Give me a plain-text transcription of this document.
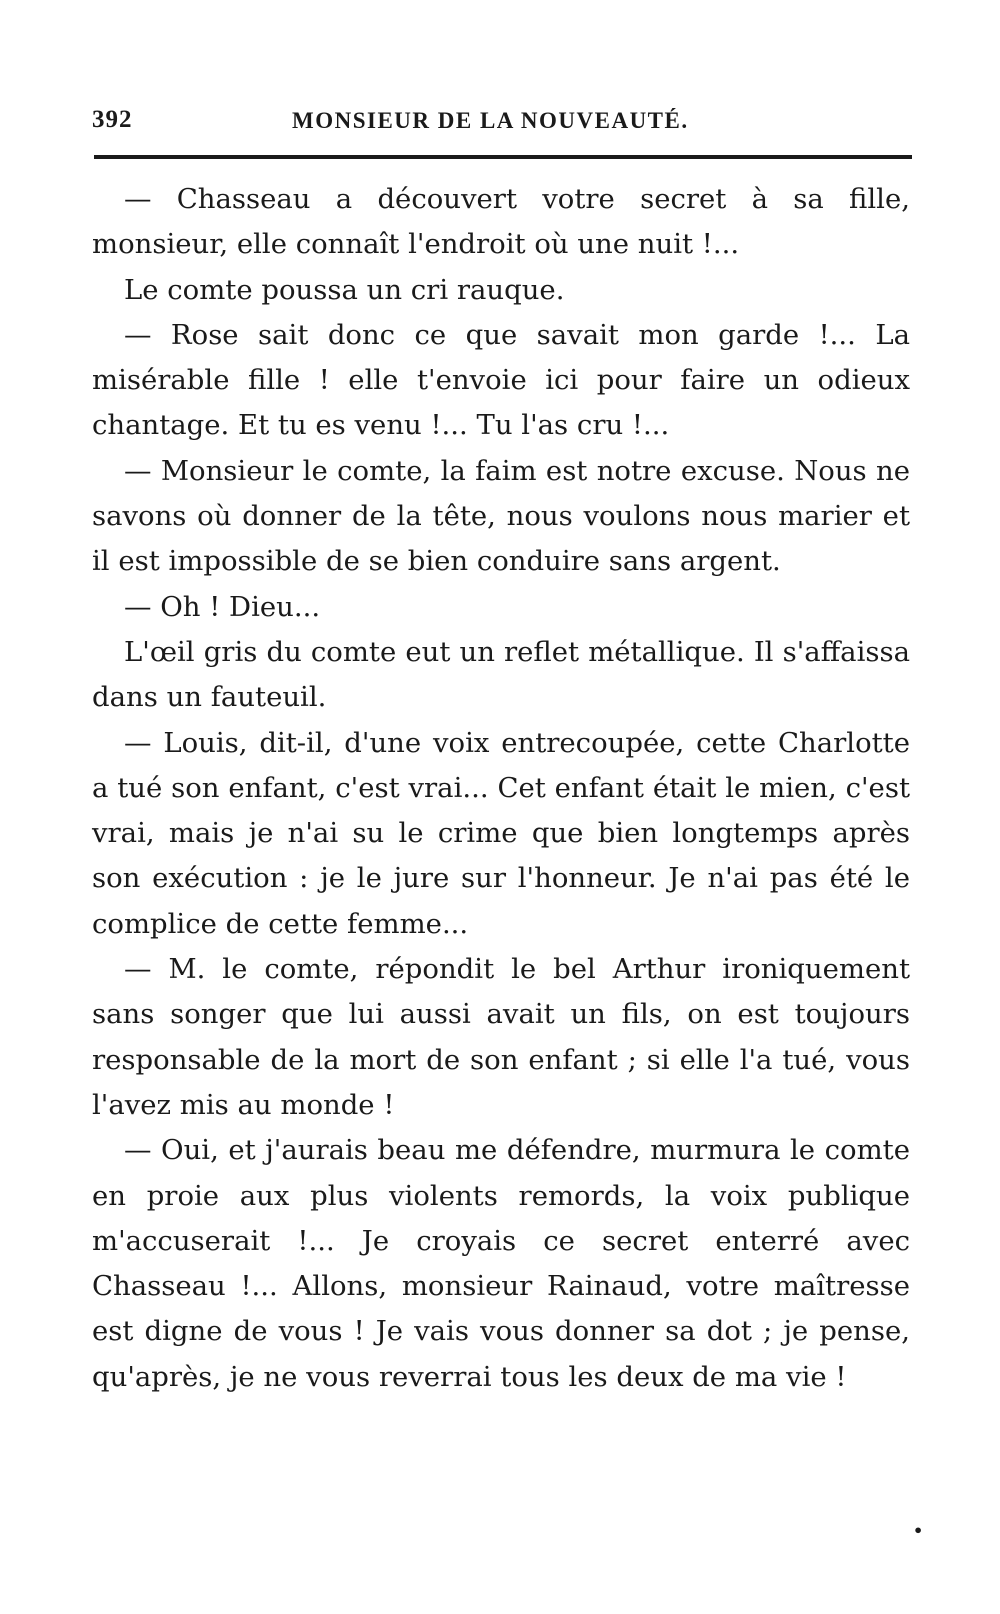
392	MONSIEUR DE LA NOUVEAUTÉ.

— Chasseau a découvert votre secret à sa fille, monsieur, elle connaît l'endroit où une nuit !...

Le comte poussa un cri rauque.

— Rose sait donc ce que savait mon garde !... La misérable fille ! elle t'envoie ici pour faire un odieux chantage. Et tu es venu !... Tu l'as cru !...

— Monsieur le comte, la faim est notre excuse. Nous ne savons où donner de la tête, nous voulons nous marier et il est impossible de se bien conduire sans argent.

— Oh ! Dieu...

L'œil gris du comte eut un reflet métallique. Il s'affaissa dans un fauteuil.

— Louis, dit-il, d'une voix entrecoupée, cette Charlotte a tué son enfant, c'est vrai... Cet enfant était le mien, c'est vrai, mais je n'ai su le crime que bien longtemps après son exécution : je le jure sur l'honneur. Je n'ai pas été le complice de cette femme...

— M. le comte, répondit le bel Arthur ironiquement sans songer que lui aussi avait un fils, on est toujours responsable de la mort de son enfant ; si elle l'a tué, vous l'avez mis au monde !

— Oui, et j'aurais beau me défendre, murmura le comte en proie aux plus violents remords, la voix publique m'accuserait !... Je croyais ce secret enterré avec Chasseau !... Allons, monsieur Rainaud, votre maîtresse est digne de vous ! Je vais vous donner sa dot ; je pense, qu'après, je ne vous reverrai tous les deux de ma vie !

•
